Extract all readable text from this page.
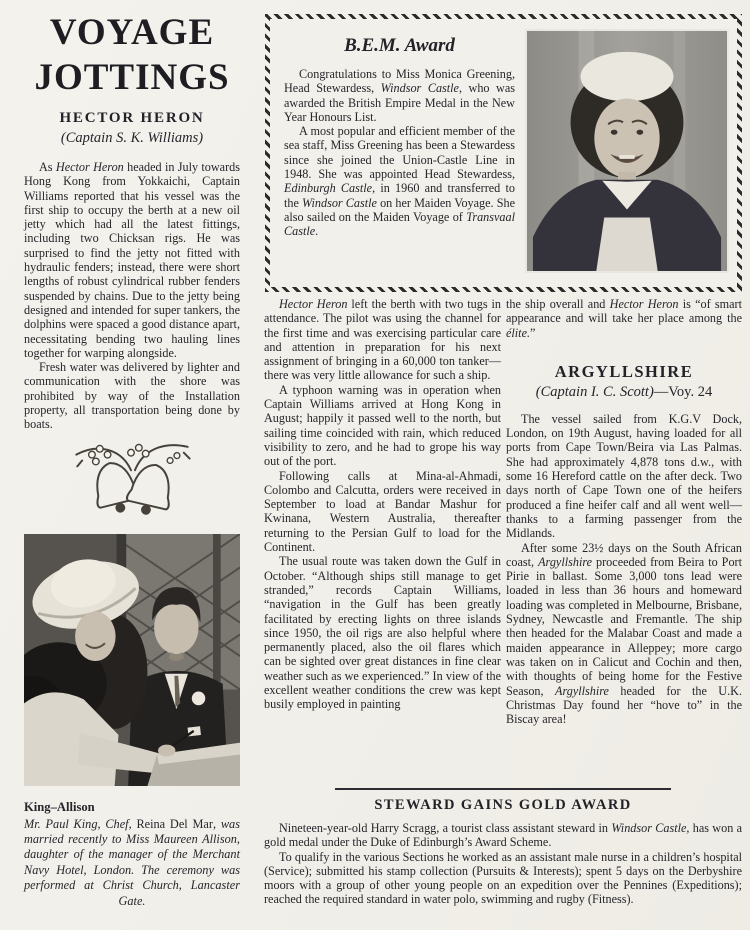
VOYAGE
JOTTINGS
HECTOR HERON
(Captain S. K. Williams)

As Hector Heron headed in July towards Hong Kong from Yokkaichi, Captain Williams reported that his vessel was the first ship to occupy the berth at a new oil jetty which had all the latest fittings, including two Chicksan rigs. He was surprised to find the jetty not fitted with hydraulic fenders; instead, there were short lengths of robust cylindrical rubber fenders suspended by chains. Due to the jetty being designed and intended for super tankers, the dolphins were spaced a good distance apart, necessitating bending two hauling lines together for warping alongside.

Fresh water was delivered by lighter and communication with the shore was prohibited by way of the Installation property, all transportation being done by boats.

King–Allison

Mr. Paul King, Chef, Reina Del Mar, was married recently to Miss Maureen Allison, daughter of the manager of the Merchant Navy Hotel, London. The ceremony was performed at Christ Church, Lancaster Gate.

B.E.M. Award

Congratulations to Miss Monica Greening, Head Stewardess, Windsor Castle, who was awarded the British Empire Medal in the New Year Honours List.

A most popular and efficient member of the sea staff, Miss Greening has been a Stewardess since she joined the Union-Castle Line in 1948. She was appointed Head Stewardess, Edinburgh Castle, in 1960 and transferred to the Windsor Castle on her Maiden Voyage. She also sailed on the Maiden Voyage of Transvaal Castle.

Hector Heron left the berth with two tugs in attendance. The pilot was using the channel for the first time and was exercising particular care and attention in preparation for his next assignment of bringing in a 60,000 ton tanker—there was very little allowance for such a ship.

A typhoon warning was in operation when Captain Williams arrived at Hong Kong in August; happily it passed well to the north, but sailing time coincided with rain, which reduced visibility to zero, and he had to grope his way out of the port.

Following calls at Mina-al-Ahmadi, Colombo and Calcutta, orders were received in September to load at Bandar Mashur for Kwinana, Western Australia, thereafter returning to the Persian Gulf to load for the Continent.

The usual route was taken down the Gulf in October. “Although ships still manage to get stranded,” records Captain Williams, “navigation in the Gulf has been greatly facilitated by erecting lights on three islands since 1950, the oil rigs are also helpful where permanently placed, also the oil flares which can be sighted over great distances in fine clear weather such as we experienced.” In view of the excellent weather conditions the crew was kept busily employed in painting

the ship overall and Hector Heron is “of smart appearance and will take her place among the élite.”

ARGYLLSHIRE
(Captain I. C. Scott)—Voy. 24

The vessel sailed from K.G.V Dock, London, on 19th August, having loaded for all ports from Cape Town/Beira via Las Palmas. She had approximately 4,878 tons d.w., with some 16 Hereford cattle on the after deck. Two days north of Cape Town one of the heifers produced a fine heifer calf and all went well—thanks to a farming passenger from the Midlands.

After some 23½ days on the South African coast, Argyllshire proceeded from Beira to Port Pirie in ballast. Some 3,000 tons lead were loaded in less than 36 hours and homeward loading was completed in Melbourne, Brisbane, Sydney, Newcastle and Fremantle. The ship then headed for the Malabar Coast and made a maiden appearance in Alleppey; more cargo was taken on in Calicut and Cochin and then, with thoughts of being home for the Festive Season, Argyllshire headed for the U.K. Christmas Day found her “hove to” in the Biscay area!

STEWARD GAINS GOLD AWARD

Nineteen-year-old Harry Scragg, a tourist class assistant steward in Windsor Castle, has won a gold medal under the Duke of Edinburgh’s Award Scheme.

To qualify in the various Sections he worked as an assistant male nurse in a children’s hospital (Service); submitted his stamp collection (Pursuits & Interests); spent 5 days on the Derbyshire moors with a group of other young people on an expedition over the Pennines (Expeditions); reached the required standard in water polo, swimming and rugby (Fitness).
